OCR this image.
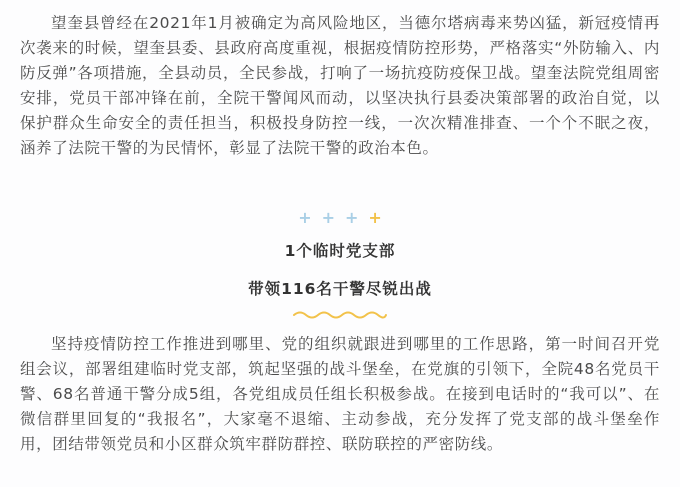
望奎县曾经在2021年1月被确定为高风险地区，当德尔塔病毒来势凶猛，新冠疫情再次袭来的时候，望奎县委、县政府高度重视，根据疫情防控形势，严格落实“外防输入、内防反弹”各项措施，全县动员，全民参战，打响了一场抗疫防疫保卫战。望奎法院党组周密安排，党员干部冲锋在前，全院干警闻风而动，以坚决执行县委决策部署的政治自觉，以保护群众生命安全的责任担当，积极投身防控一线，一次次精准排查、一个个不眠之夜，涵养了法院干警的为民情怀，彰显了法院干警的政治本色。

+ + + +
1个临时党支部
带领116名干警尽锐出战

坚持疫情防控工作推进到哪里、党的组织就跟进到哪里的工作思路，第一时间召开党组会议，部署组建临时党支部，筑起坚强的战斗堡垒，在党旗的引领下，全院48名党员干警、68名普通干警分成5组，各党组成员任组长积极参战。在接到电话时的“我可以”、在微信群里回复的“我报名”，大家毫不退缩、主动参战，充分发挥了党支部的战斗堡垒作用，团结带领党员和小区群众筑牢群防群控、联防联控的严密防线。
